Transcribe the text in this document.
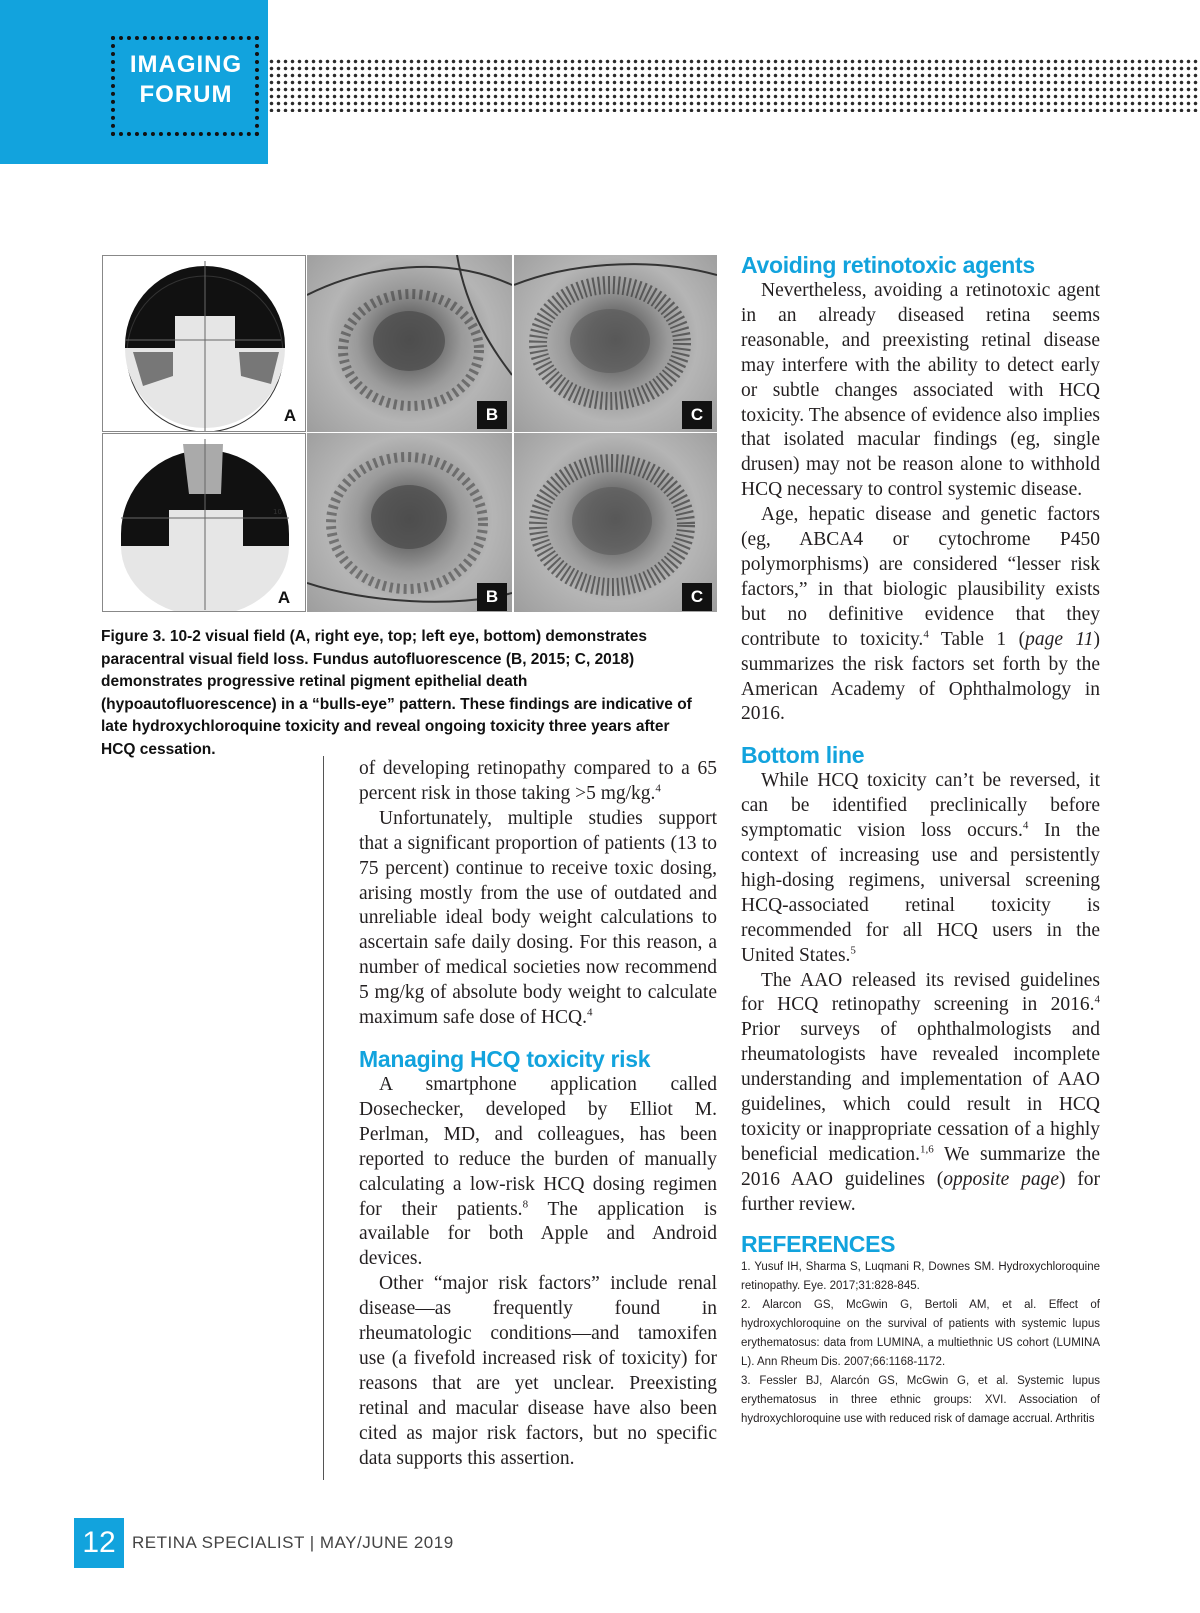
IMAGING
FORUM
A	B	C
10
A	B	C
Figure 3. 10-2 visual field (A, right eye, top; left eye, bottom) demonstrates paracentral visual field loss. Fundus autofluorescence (B, 2015; C, 2018) demonstrates progressive retinal pigment epithelial death (hypoautofluorescence) in a “bulls-eye” pattern. These findings are indicative of late hydroxychloroquine toxicity and reveal ongoing toxicity three years after HCQ cessation.

of developing retinopathy compared to a 65 percent risk in those taking >5 mg/kg.$^4$

Unfortunately, multiple studies support that a significant proportion of patients (13 to 75 percent) continue to receive toxic dosing, arising mostly from the use of outdated and unreliable ideal body weight calculations to ascertain safe daily dosing. For this reason, a number of medical societies now recommend 5 mg/kg of absolute body weight to calculate maximum safe dose of HCQ.$^4$

Managing HCQ toxicity risk

A smartphone application called Dosechecker, developed by Elliot M. Perlman, MD, and colleagues, has been reported to reduce the burden of manually calculating a low-risk HCQ dosing regimen for their patients.$^8$ The application is available for both Apple and Android devices.

Other “major risk factors” include renal disease—as frequently found in rheumatologic conditions—and tamoxifen use (a fivefold increased risk of toxicity) for reasons that are yet unclear. Preexisting retinal and macular disease have also been cited as major risk factors, but no specific data supports this assertion.

Avoiding retinotoxic agents

Nevertheless, avoiding a retinotoxic agent in an already diseased retina seems reasonable, and preexisting retinal disease may interfere with the ability to detect early or subtle changes associated with HCQ toxicity. The absence of evidence also implies that isolated macular findings (eg, single drusen) may not be reason alone to withhold HCQ necessary to control systemic disease.

Age, hepatic disease and genetic factors (eg, ABCA4 or cytochrome P450 polymorphisms) are considered “lesser risk factors,” in that biologic plausibility exists but no definitive evidence that they contribute to toxicity.$^4$ Table 1 (page 11) summarizes the risk factors set forth by the American Academy of Ophthalmology in 2016.

Bottom line

While HCQ toxicity can’t be reversed, it can be identified preclinically before symptomatic vision loss occurs.$^4$ In the context of increasing use and persistently high-dosing regimens, universal screening HCQ-associated retinal toxicity is recommended for all HCQ users in the United States.$^5$

The AAO released its revised guidelines for HCQ retinopathy screening in 2016.$^4$ Prior surveys of ophthalmologists and rheumatologists have revealed incomplete understanding and implementation of AAO guidelines, which could result in HCQ toxicity or inappropriate cessation of a highly beneficial medication.$^{1,6}$ We summarize the 2016 AAO guidelines (opposite page) for further review.

REFERENCES
1. Yusuf IH, Sharma S, Luqmani R, Downes SM. Hydroxychloroquine retinopathy. Eye. 2017;31:828-845.
2. Alarcon GS, McGwin G, Bertoli AM, et al. Effect of hydroxychloroquine on the survival of patients with systemic lupus erythematosus: data from LUMINA, a multiethnic US cohort (LUMINA L). Ann Rheum Dis. 2007;66:1168-1172.
3. Fessler BJ, Alarcón GS, McGwin G, et al. Systemic lupus erythematosus in three ethnic groups: XVI. Association of hydroxychloroquine use with reduced risk of damage accrual. Arthritis
12 RETINA SPECIALIST | MAY/JUNE 2019
